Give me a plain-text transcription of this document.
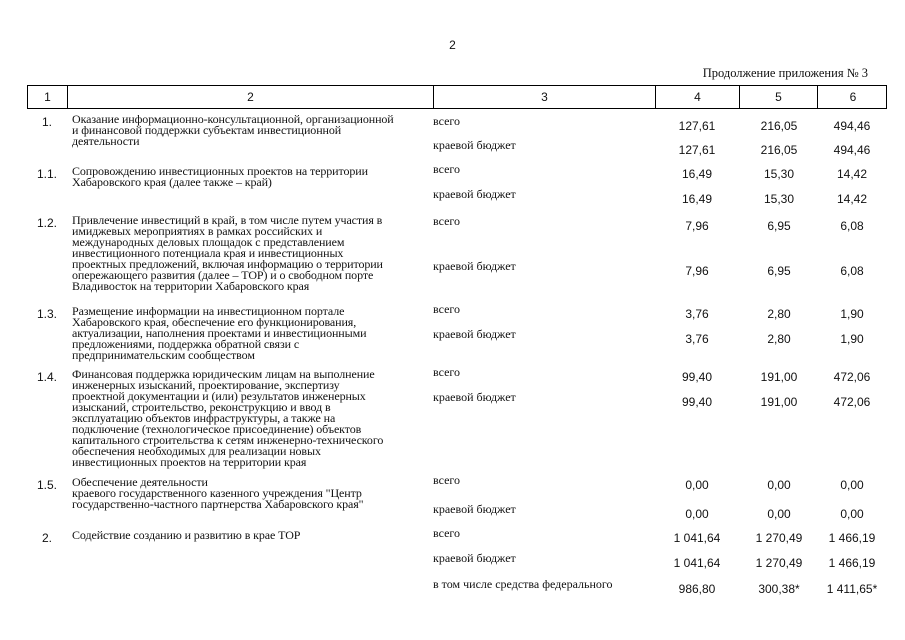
2
Продолжение приложения № 3
1	2	3	4	5	6
1.	Оказание информационно-консультационной, организационной
и финансовой поддержки субъектам инвестиционной
деятельности
всего	127,61	216,05	494,46
краевой бюджет	127,61	216,05	494,46
1.1.	Сопровождению инвестиционных проектов на территории
Хабаровского края (далее также – край)
всего	16,49	15,30	14,42
краевой бюджет	16,49	15,30	14,42
1.2.	Привлечение инвестиций в край, в том числе путем участия в
имиджевых мероприятиях в рамках российских и
международных деловых площадок с представлением
инвестиционного потенциала края и инвестиционных
проектных предложений, включая информацию о территории
опережающего развития (далее – ТОР) и о свободном порте
Владивосток на территории Хабаровского края
всего	7,96	6,95	6,08
краевой бюджет	7,96	6,95	6,08
1.3.	Размещение информации на инвестиционном портале
Хабаровского края, обеспечение его функционирования,
актуализации, наполнения проектами и инвестиционными
предложениями, поддержка обратной связи с
предпринимательским сообществом
всего	3,76	2,80	1,90
краевой бюджет	3,76	2,80	1,90
1.4.	Финансовая поддержка юридическим лицам на выполнение
инженерных изысканий, проектирование, экспертизу
проектной документации и (или) результатов инженерных
изысканий, строительство, реконструкцию и ввод в
эксплуатацию объектов инфраструктуры, а также на
подключение (технологическое присоединение) объектов
капитального строительства к сетям инженерно-технического
обеспечения необходимых для реализации новых
инвестиционных проектов на территории края
всего	99,40	191,00	472,06
краевой бюджет	99,40	191,00	472,06
1.5.	Обеспечение деятельности
краевого государственного казенного учреждения "Центр
государственно-частного партнерства Хабаровского края"
всего	0,00	0,00	0,00
краевой бюджет	0,00	0,00	0,00
2.	Содействие созданию и развитию в крае ТОР	всего	1 041,64	1 270,49	1 466,19
краевой бюджет	1 041,64	1 270,49	1 466,19
в том числе средства федерального	986,80	300,38*	1 411,65*
